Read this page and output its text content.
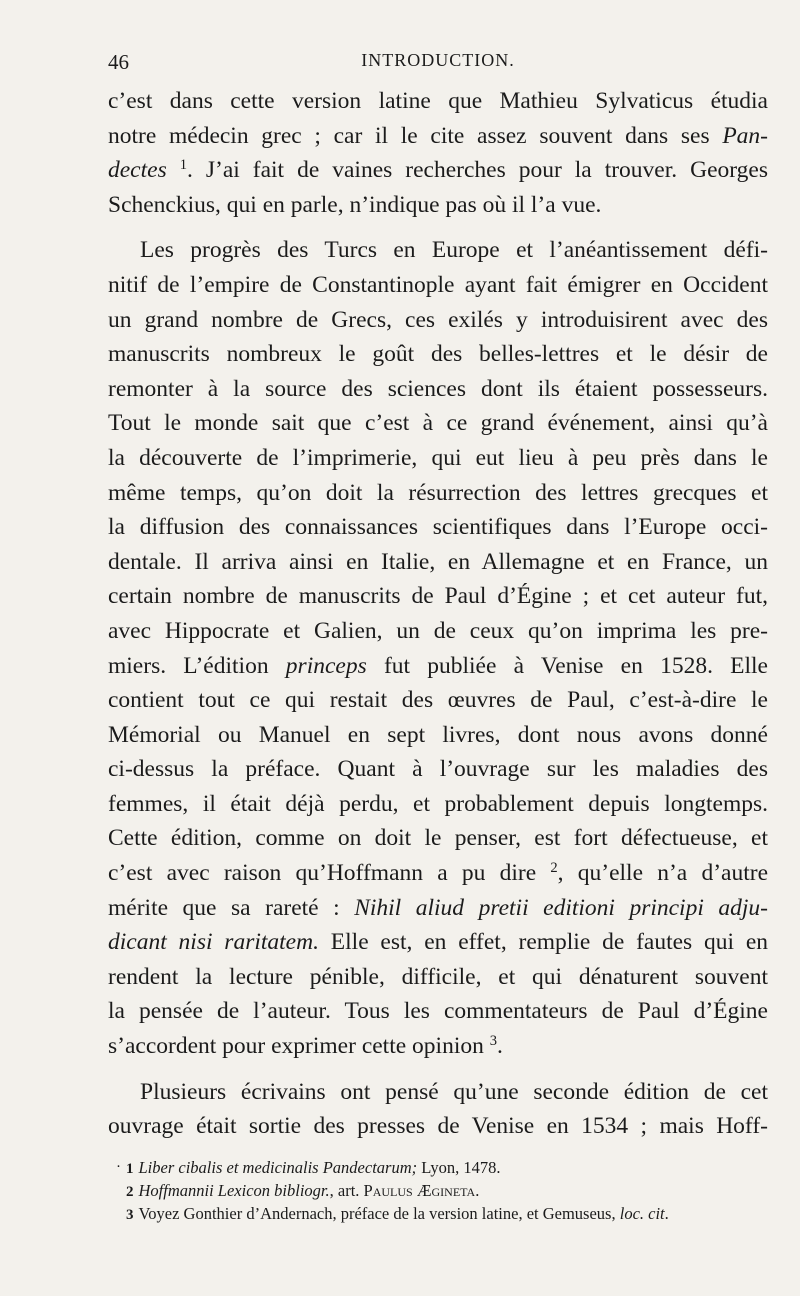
46	INTRODUCTION.
c’est dans cette version latine que Mathieu Sylvaticus étudia
notre médecin grec ; car il le cite assez souvent dans ses Pan-
dectes $^1$. J’ai fait de vaines recherches pour la trouver. Georges
Schenckius, qui en parle, n’indique pas où il l’a vue.
Les progrès des Turcs en Europe et l’anéantissement défi-
nitif de l’empire de Constantinople ayant fait émigrer en Occident
un grand nombre de Grecs, ces exilés y introduisirent avec des
manuscrits nombreux le goût des belles-lettres et le désir de
remonter à la source des sciences dont ils étaient possesseurs.
Tout le monde sait que c’est à ce grand événement, ainsi qu’à
la découverte de l’imprimerie, qui eut lieu à peu près dans le
même temps, qu’on doit la résurrection des lettres grecques et
la diffusion des connaissances scientifiques dans l’Europe occi-
dentale. Il arriva ainsi en Italie, en Allemagne et en France, un
certain nombre de manuscrits de Paul d’Égine ; et cet auteur fut,
avec Hippocrate et Galien, un de ceux qu’on imprima les pre-
miers. L’édition princeps fut publiée à Venise en 1528. Elle
contient tout ce qui restait des œuvres de Paul, c’est-à-dire le
Mémorial ou Manuel en sept livres, dont nous avons donné
ci-dessus la préface. Quant à l’ouvrage sur les maladies des
femmes, il était déjà perdu, et probablement depuis longtemps.
Cette édition, comme on doit le penser, est fort défectueuse, et
c’est avec raison qu’Hoffmann a pu dire $^2$, qu’elle n’a d’autre
mérite que sa rareté : Nihil aliud pretii editioni principi adju-
dicant nisi raritatem. Elle est, en effet, remplie de fautes qui en
rendent la lecture pénible, difficile, et qui dénaturent souvent
la pensée de l’auteur. Tous les commentateurs de Paul d’Égine
s’accordent pour exprimer cette opinion $^3$.
Plusieurs écrivains ont pensé qu’une seconde édition de cet
ouvrage était sortie des presses de Venise en 1534 ; mais Hoff-
· 1 Liber cibalis et medicinalis Pandectarum; Lyon, 1478.
2 Hoffmannii Lexicon bibliogr., art. Paulus Ægineta.
3 Voyez Gonthier d’Andernach, préface de la version latine, et Gemuseus, loc. cit.
